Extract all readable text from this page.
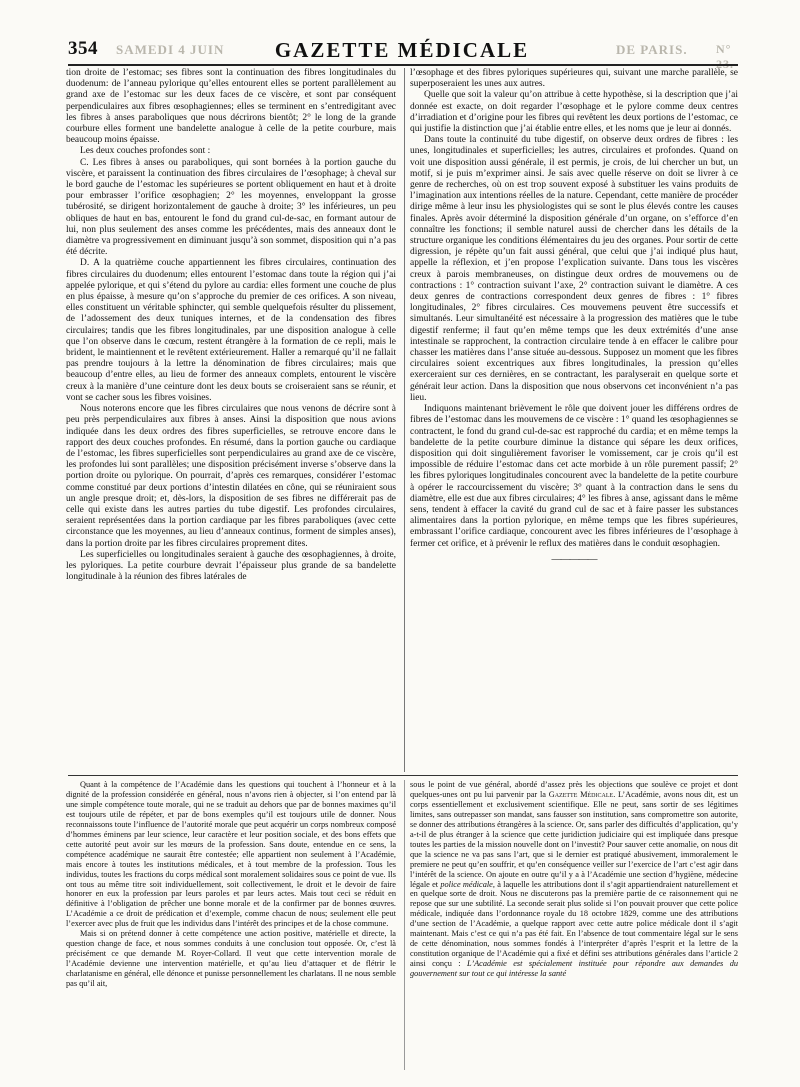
354 SAMEDI 4 JUIN	GAZETTE MÉDICALE	DE PARIS. N° 23.

tion droite de l’estomac; ses fibres sont la continuation des fibres longitudinales du duodenum: de l’anneau pylorique qu’elles entourent elles se portent parallèlement au grand axe de l’estomac sur les deux faces de ce viscère, et sont par conséquent perpendiculaires aux fibres œsophagiennes; elles se terminent en s’entredigitant avec les fibres à anses paraboliques que nous décrirons bientôt; 2° le long de la grande courbure elles forment une bandelette analogue à celle de la petite courbure, mais beaucoup moins épaisse.

Les deux couches profondes sont :

C. Les fibres à anses ou paraboliques, qui sont bornées à la portion gauche du viscère, et paraissent la continuation des fibres circulaires de l’œsophage; à cheval sur le bord gauche de l’estomac les supérieures se portent obliquement en haut et à droite pour embrasser l’orifice œsophagien; 2° les moyennes, enveloppant la grosse tubérosité, se dirigent horizontalement de gauche à droite; 3° les inférieures, un peu obliques de haut en bas, entourent le fond du grand cul-de-sac, en formant autour de lui, non plus seulement des anses comme les précédentes, mais des anneaux dont le diamètre va progressivement en diminuant jusqu’à son sommet, disposition qui n’a pas été décrite.

D. A la quatrième couche appartiennent les fibres circulaires, continuation des fibres circulaires du duodenum; elles entourent l’estomac dans toute la région qui j’ai appelée pylorique, et qui s’étend du pylore au cardia: elles forment une couche de plus en plus épaisse, à mesure qu’on s’approche du premier de ces orifices. A son niveau, elles constituent un véritable sphincter, qui semble quelquefois résulter du plissement, de l’adossement des deux tuniques internes, et de la condensation des fibres circulaires; tandis que les fibres longitudinales, par une disposition analogue à celle que l’on observe dans le cœcum, restent étrangère à la formation de ce repli, mais le brident, le maintiennent et le revêtent extérieurement. Haller a remarqué qu’il ne fallait pas prendre toujours à la lettre la dénomination de fibres circulaires; mais que beaucoup d’entre elles, au lieu de former des anneaux complets, entourent le viscère creux à la manière d’une ceinture dont les deux bouts se croiseraient sans se réunir, et vont se cacher sous les fibres voisines.

Nous noterons encore que les fibres circulaires que nous venons de décrire sont à peu près perpendiculaires aux fibres à anses. Ainsi la disposition que nous avions indiquée dans les deux ordres des fibres superficielles, se retrouve encore dans le rapport des deux couches profondes. En résumé, dans la portion gauche ou cardiaque de l’estomac, les fibres superficielles sont perpendiculaires au grand axe de ce viscère, les profondes lui sont parallèles; une disposition précisément inverse s’observe dans la portion droite ou pylorique. On pourrait, d’après ces remarques, considérer l’estomac comme constitué par deux portions d’intestin dilatées en cône, qui se réuniraient sous un angle presque droit; et, dès-lors, la disposition de ses fibres ne différerait pas de celle qui existe dans les autres parties du tube digestif. Les profondes circulaires, seraient représentées dans la portion cardiaque par les fibres paraboliques (avec cette circonstance que les moyennes, au lieu d’anneaux continus, forment de simples anses), dans la portion droite par les fibres circulaires proprement dites.

Les superficielles ou longitudinales seraient à gauche des œsophagiennes, à droite, les pyloriques. La petite courbure devrait l’épaisseur plus grande de sa bandelette longitudinale à la réunion des fibres latérales de

l’œsophage et des fibres pyloriques supérieures qui, suivant une marche parallèle, se superposeraient les unes aux autres.

Quelle que soit la valeur qu’on attribue à cette hypothèse, si la description que j’ai donnée est exacte, on doit regarder l’œsophage et le pylore comme deux centres d’irradiation et d’origine pour les fibres qui revêtent les deux portions de l’estomac, ce qui justifie la distinction que j’ai établie entre elles, et les noms que je leur ai donnés.

Dans toute la continuité du tube digestif, on observe deux ordres de fibres : les unes, longitudinales et superficielles; les autres, circulaires et profondes. Quand on voit une disposition aussi générale, il est permis, je crois, de lui chercher un but, un motif, si je puis m’exprimer ainsi. Je sais avec quelle réserve on doit se livrer à ce genre de recherches, où on est trop souvent exposé à substituer les vains produits de l’imagination aux intentions réelles de la nature. Cependant, cette manière de procéder dirige même à leur insu les physiologistes qui se sont le plus élevés contre les causes finales. Après avoir déterminé la disposition générale d’un organe, on s’efforce d’en connaître les fonctions; il semble naturel aussi de chercher dans les détails de la structure organique les conditions élémentaires du jeu des organes. Pour sortir de cette digression, je répète qu’un fait aussi général, que celui que j’ai indiqué plus haut, appelle la réflexion, et j’en propose l’explication suivante. Dans tous les viscères creux à parois membraneuses, on distingue deux ordres de mouvemens ou de contractions : 1° contraction suivant l’axe, 2° contraction suivant le diamètre. A ces deux genres de contractions correspondent deux genres de fibres : 1° fibres longitudinales, 2° fibres circulaires. Ces mouvemens peuvent être successifs et simultanés. Leur simultanéité est nécessaire à la progression des matières que le tube digestif renferme; il faut qu’en même temps que les deux extrémités d’une anse intestinale se rapprochent, la contraction circulaire tende à en effacer le calibre pour chasser les matières dans l’anse située au-dessous. Supposez un moment que les fibres circulaires soient excentriques aux fibres longitudinales, la pression qu’elles exerceraient sur ces dernières, en se contractant, les paralyserait en quelque sorte et générait leur action. Dans la disposition que nous observons cet inconvénient n’a pas lieu.

Indiquons maintenant brièvement le rôle que doivent jouer les différens ordres de fibres de l’estomac dans les mouvemens de ce viscère : 1° quand les œsophagiennes se contractent, le fond du grand cul-de-sac est rapproché du cardia; et en même temps la bandelette de la petite courbure diminue la distance qui sépare les deux orifices, disposition qui doit singulièrement favoriser le vomissement, car je crois qu’il est impossible de réduire l’estomac dans cet acte morbide à un rôle purement passif; 2° les fibres pyloriques longitudinales concourent avec la bandelette de la petite courbure à opérer le raccourcissement du viscère; 3° quant à la contraction dans le sens du diamètre, elle est due aux fibres circulaires; 4° les fibres à anse, agissant dans le même sens, tendent à effacer la cavité du grand cul de sac et à faire passer les substances alimentaires dans la portion pylorique, en même temps que les fibres supérieures, embrassant l’orifice cardiaque, concourent avec les fibres inférieures de l’œsophage à fermer cet orifice, et à prévenir le reflux des matières dans le conduit œsophagien.

—————

Quant à la compétence de l’Académie dans les questions qui touchent à l’honneur et à la dignité de la profession considérée en général, nous n’avons rien à objecter, si l’on entend par là une simple compétence toute morale, qui ne se traduit au dehors que par de bonnes maximes qu’il est toujours utile de répéter, et par de bons exemples qu’il est toujours utile de donner. Nous reconnaissons toute l’influence de l’autorité morale que peut acquérir un corps nombreux composé d’hommes éminens par leur science, leur caractère et leur position sociale, et des bons effets que cette autorité peut avoir sur les mœurs de la profession. Sans doute, entendue en ce sens, la compétence académique ne saurait être contestée; elle appartient non seulement à l’Académie, mais encore à toutes les institutions médicales, et à tout membre de la profession. Tous les individus, toutes les fractions du corps médical sont moralement solidaires sous ce point de vue. Ils ont tous au même titre soit individuellement, soit collectivement, le droit et le devoir de faire honorer en eux la profession par leurs paroles et par leurs actes. Mais tout ceci se réduit en définitive à l’obligation de prêcher une bonne morale et de la confirmer par de bonnes œuvres. L’Académie a ce droit de prédication et d’exemple, comme chacun de nous; seulement elle peut l’exercer avec plus de fruit que les individus dans l’intérêt des principes et de la chose commune.

Mais si on prétend donner à cette compétence une action positive, matérielle et directe, la question change de face, et nous sommes conduits à une conclusion tout opposée. Or, c’est là précisément ce que demande M. Royer-Collard. Il veut que cette intervention morale de l’Académie devienne une intervention matérielle, et qu’au lieu d’attaquer et de flétrir le charlatanisme en général, elle dénonce et punisse personnellement les charlatans. Il ne nous semble pas qu’il ait,

sous le point de vue général, abordé d’assez près les objections que soulève ce projet et dont quelques-unes ont pu lui parvenir par la Gazette Médicale. L’Académie, avons nous dit, est un corps essentiellement et exclusivement scientifique. Elle ne peut, sans sortir de ses légitimes limites, sans outrepasser son mandat, sans fausser son institution, sans compromettre son autorite, se donner des attributions étrangères à la science. Or, sans parler des difficultés d’application, qu’y a-t-il de plus étranger à la science que cette juridiction judiciaire qui est impliquée dans presque toutes les parties de la mission nouvelle dont on l’investit? Pour sauver cette anomalie, on nous dit que la science ne va pas sans l’art, que si le dernier est pratiqué abusivement, immoralement le premiere ne peut qu’en souffrir, et qu’en conséquence veiller sur l’exercice de l’art c’est agir dans l’intérêt de la science. On ajoute en outre qu’il y a à l’Académie une section d’hygiène, médecine légale et police médicale, à laquelle les attributions dont il s’agit appartiendraient naturellement et en quelque sorte de droit. Nous ne discuterons pas la première partie de ce raisonnement qui ne repose que sur une subtilité. La seconde serait plus solide si l’on pouvait prouver que cette police médicale, indiquée dans l’ordonnance royale du 18 octobre 1829, comme une des attributions d’une section de l’Académie, a quelque rapport avec cette autre police médicale dont il s’agit maintenant. Mais c’est ce qui n’a pas été fait. En l’absence de tout commentaire légal sur le sens de cette dénomination, nous sommes fondés à l’interpréter d’après l’esprit et la lettre de la constitution organique de l’Académie qui a fixé et défini ses attributions générales dans l’article 2 ainsi conçu : L’Académie est spécialement instituée pour répondre aux demandes du gouvernement sur tout ce qui intéresse la santé
